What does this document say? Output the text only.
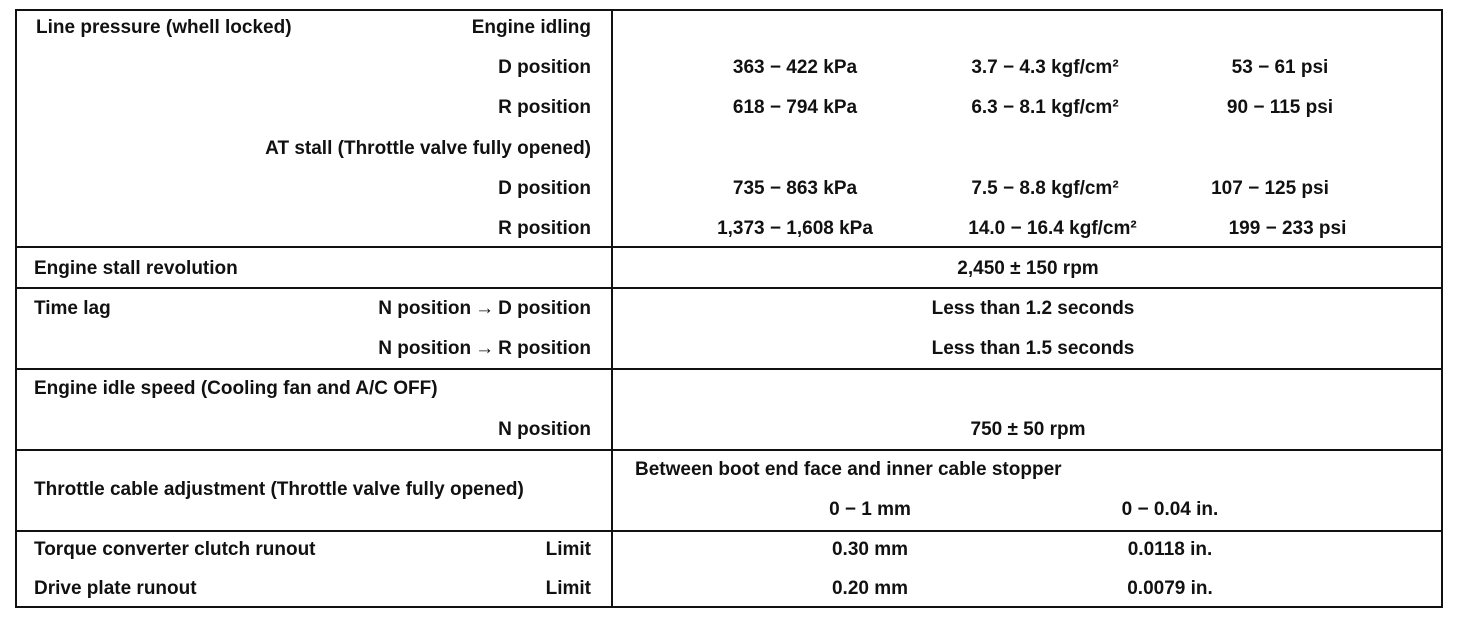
Line pressure (whell locked)	Engine idling
D position	363 − 422 kPa	3.7 − 4.3 kgf/cm²	53 − 61 psi
R position	618 − 794 kPa	6.3 − 8.1 kgf/cm²	90 − 115 psi
AT stall (Throttle valve fully opened)
D position	735 − 863 kPa	7.5 − 8.8 kgf/cm²	107 − 125 psi
R position	1,373 − 1,608 kPa	14.0 − 16.4 kgf/cm²	199 − 233 psi
Engine stall revolution	2,450 ± 150 rpm
Time lag	N position → D position	Less than 1.2 seconds
N position → R position	Less than 1.5 seconds
Engine idle speed (Cooling fan and A/C OFF)
N position	750 ± 50 rpm
Throttle cable adjustment (Throttle valve fully opened)
Between boot end face and inner cable stopper
0 − 1 mm	0 − 0.04 in.
Torque converter clutch runout	Limit	0.30 mm	0.0118 in.
Drive plate runout	Limit	0.20 mm	0.0079 in.
